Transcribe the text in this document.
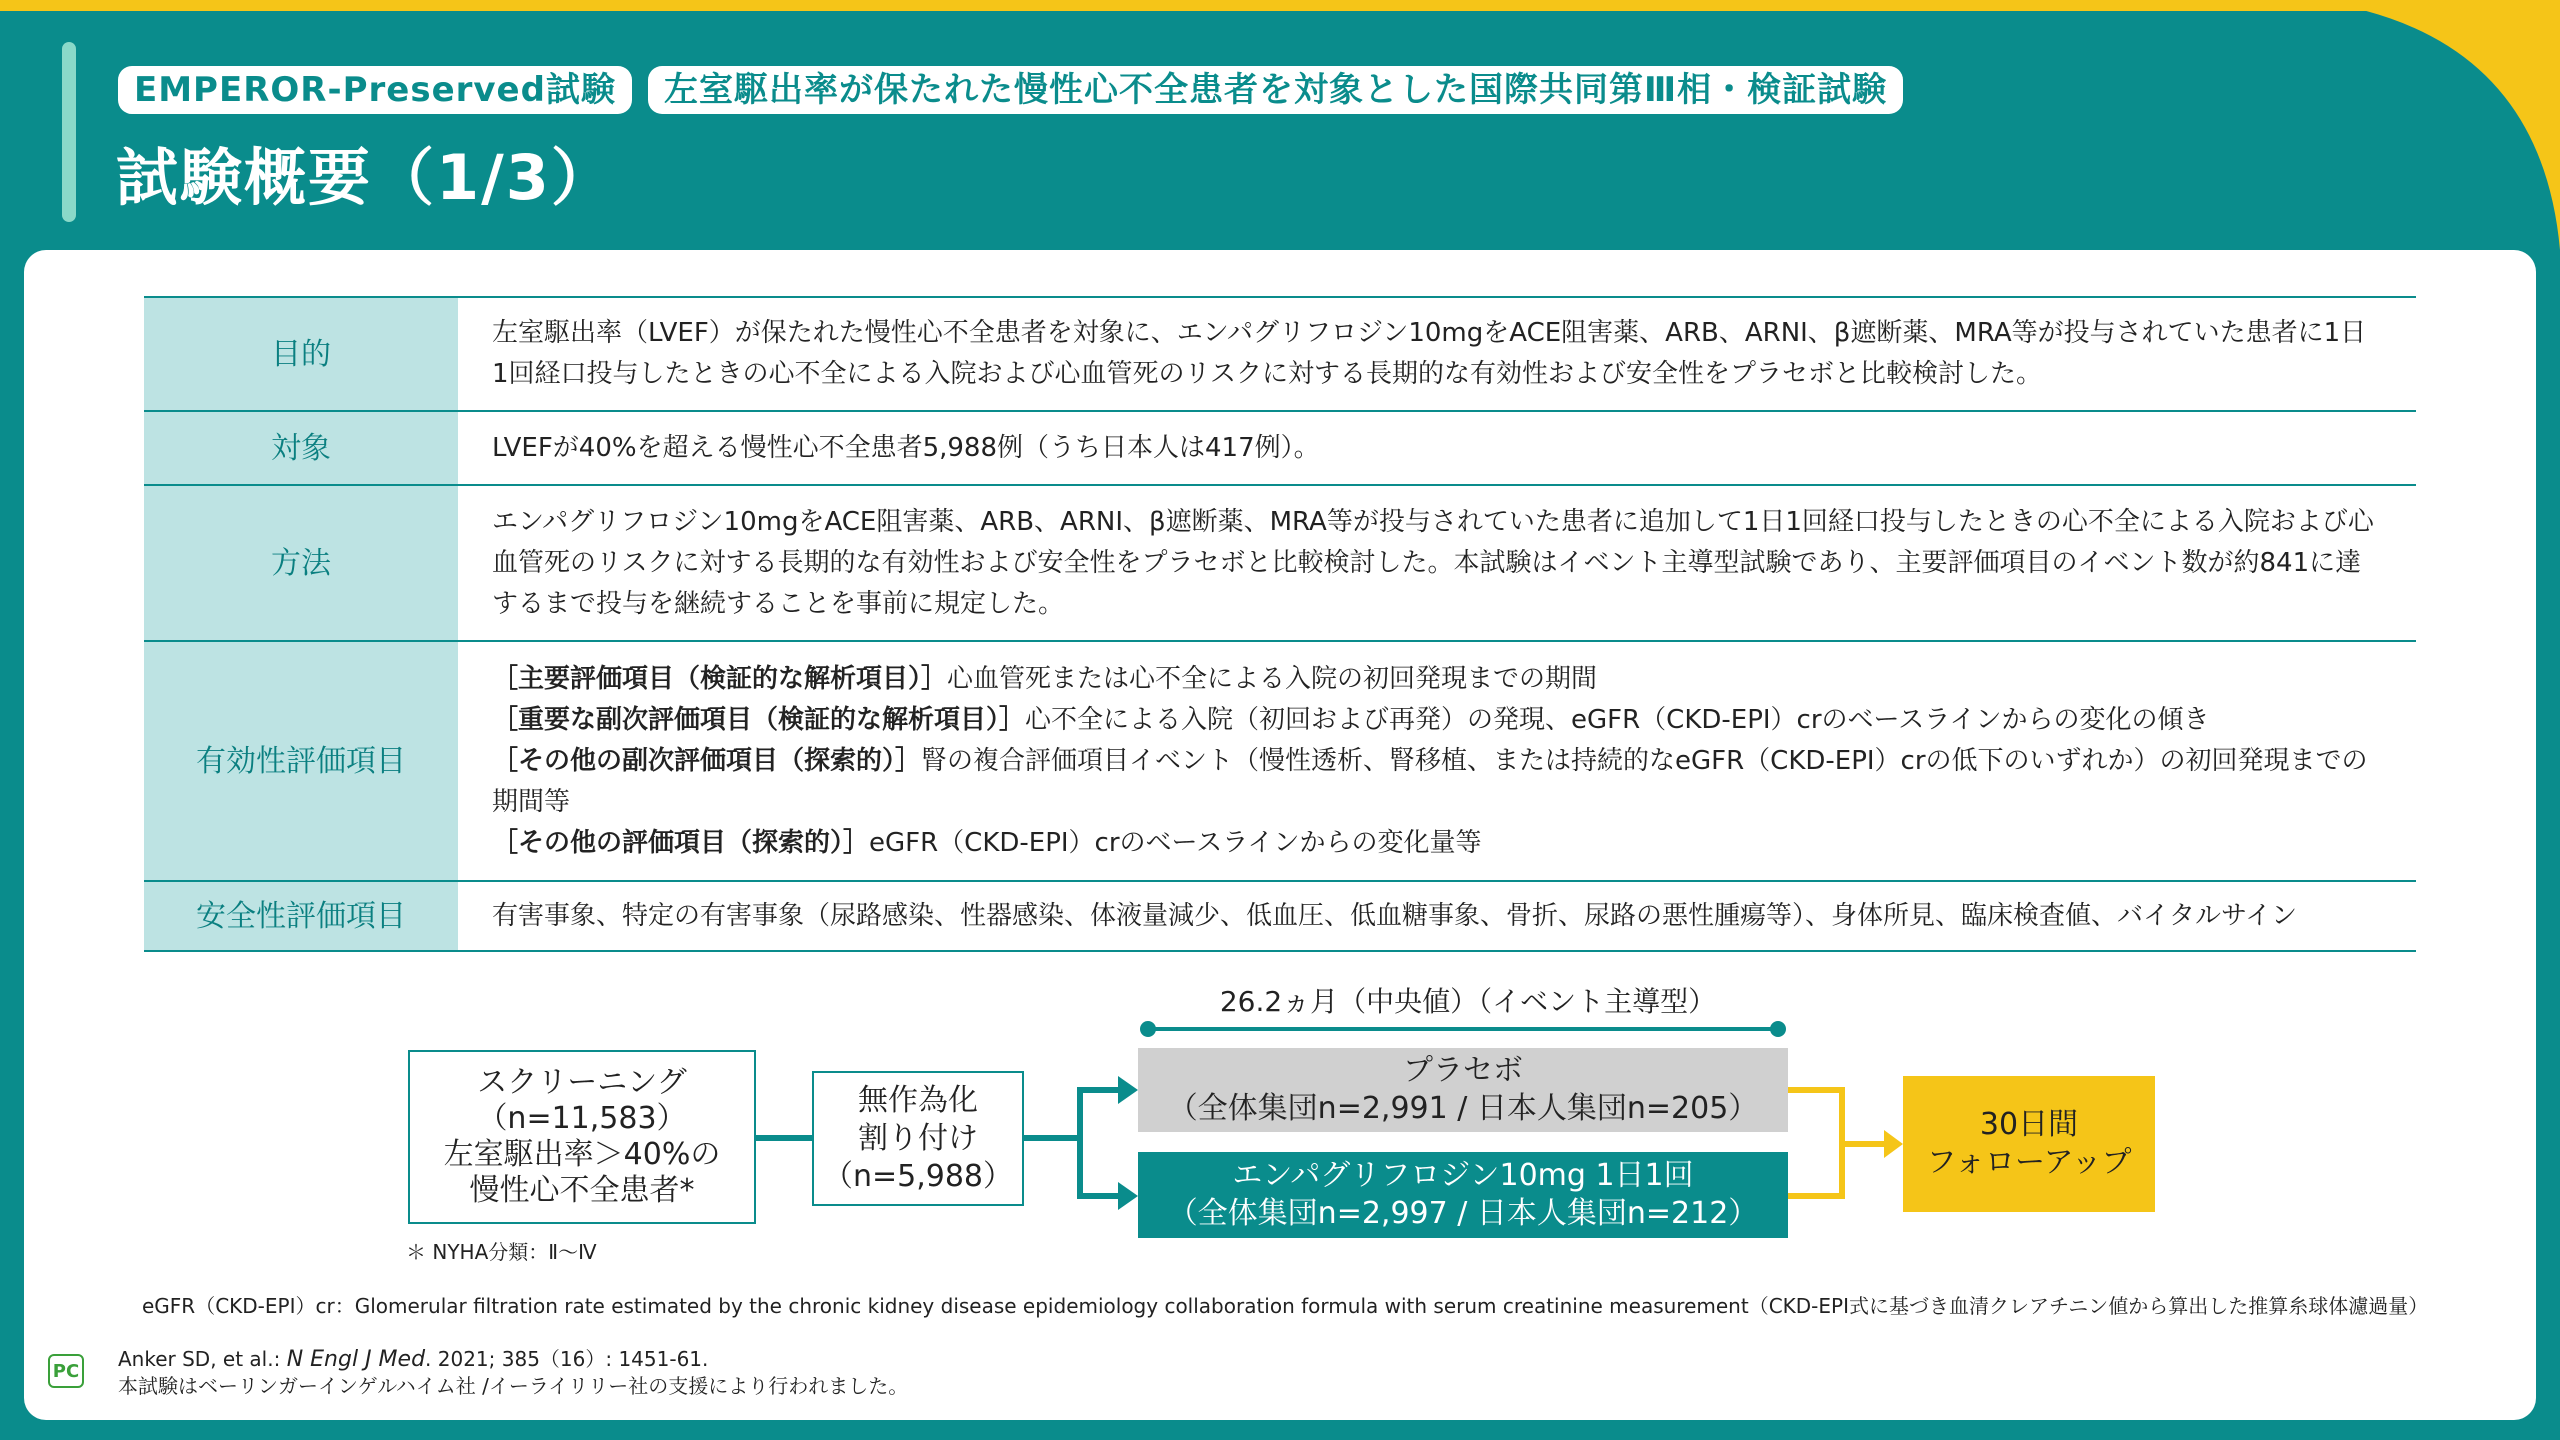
EMPEROR-Preserved試験	左室駆出率が保たれた慢性心不全患者を対象とした国際共同第Ⅲ相・検証試験
試験概要（1/3）
目的	左室駆出率（LVEF）が保たれた慢性心不全患者を対象に、エンパグリフロジン10mgをACE阻害薬、ARB、ARNI、β遮断薬、MRA等が投与されていた患者に1日1回経口投与したときの心不全による入院および心血管死のリスクに対する長期的な有効性および安全性をプラセボと比較検討した。

対象	LVEFが40%を超える慢性心不全患者5,988例（うち日本人は417例）。

方法	エンパグリフロジン10mgをACE阻害薬、ARB、ARNI、β遮断薬、MRA等が投与されていた患者に追加して1日1回経口投与したときの心不全による入院および心血管死のリスクに対する長期的な有効性および安全性をプラセボと比較検討した。本試験はイベント主導型試験であり、主要評価項目のイベント数が約841に達するまで投与を継続することを事前に規定した。

有効性評価項目	［主要評価項目（検証的な解析項目）］心血管死または心不全による入院の初回発現までの期間

［重要な副次評価項目（検証的な解析項目）］心不全による入院（初回および再発）の発現、eGFR（CKD-EPI）crのベースラインからの変化の傾き

［その他の副次評価項目（探索的）］腎の複合評価項目イベント（慢性透析、腎移植、または持続的なeGFR（CKD-EPI）crの低下のいずれか）の初回発現までの期間等

［その他の評価項目（探索的）］eGFR（CKD-EPI）crのベースラインからの変化量等

安全性評価項目	有害事象、特定の有害事象（尿路感染、性器感染、体液量減少、低血圧、低血糖事象、骨折、尿路の悪性腫瘍等）、身体所見、臨床検査値、バイタルサイン

26.2ヵ月（中央値）（イベント主導型）
スクリーニング
（n=11,583）
左室駆出率＞40%の
慢性心不全患者*
無作為化
割り付け
（n=5,988）
プラセボ
（全体集団n=2,991 / 日本人集団n=205）
エンパグリフロジン10mg 1日1回
（全体集団n=2,997 / 日本人集団n=212）
30日間
フォローアップ
＊ NYHA分類：Ⅱ～Ⅳ
eGFR（CKD-EPI）cr：Glomerular filtration rate estimated by the chronic kidney disease epidemiology collaboration formula with serum creatinine measurement（CKD-EPI式に基づき血清クレアチニン値から算出した推算糸球体濾過量）
PC Anker SD, et al.: N Engl J Med. 2021; 385（16）: 1451-61.
本試験はベーリンガーインゲルハイム社 /イーライリリー社の支援により行われました。
